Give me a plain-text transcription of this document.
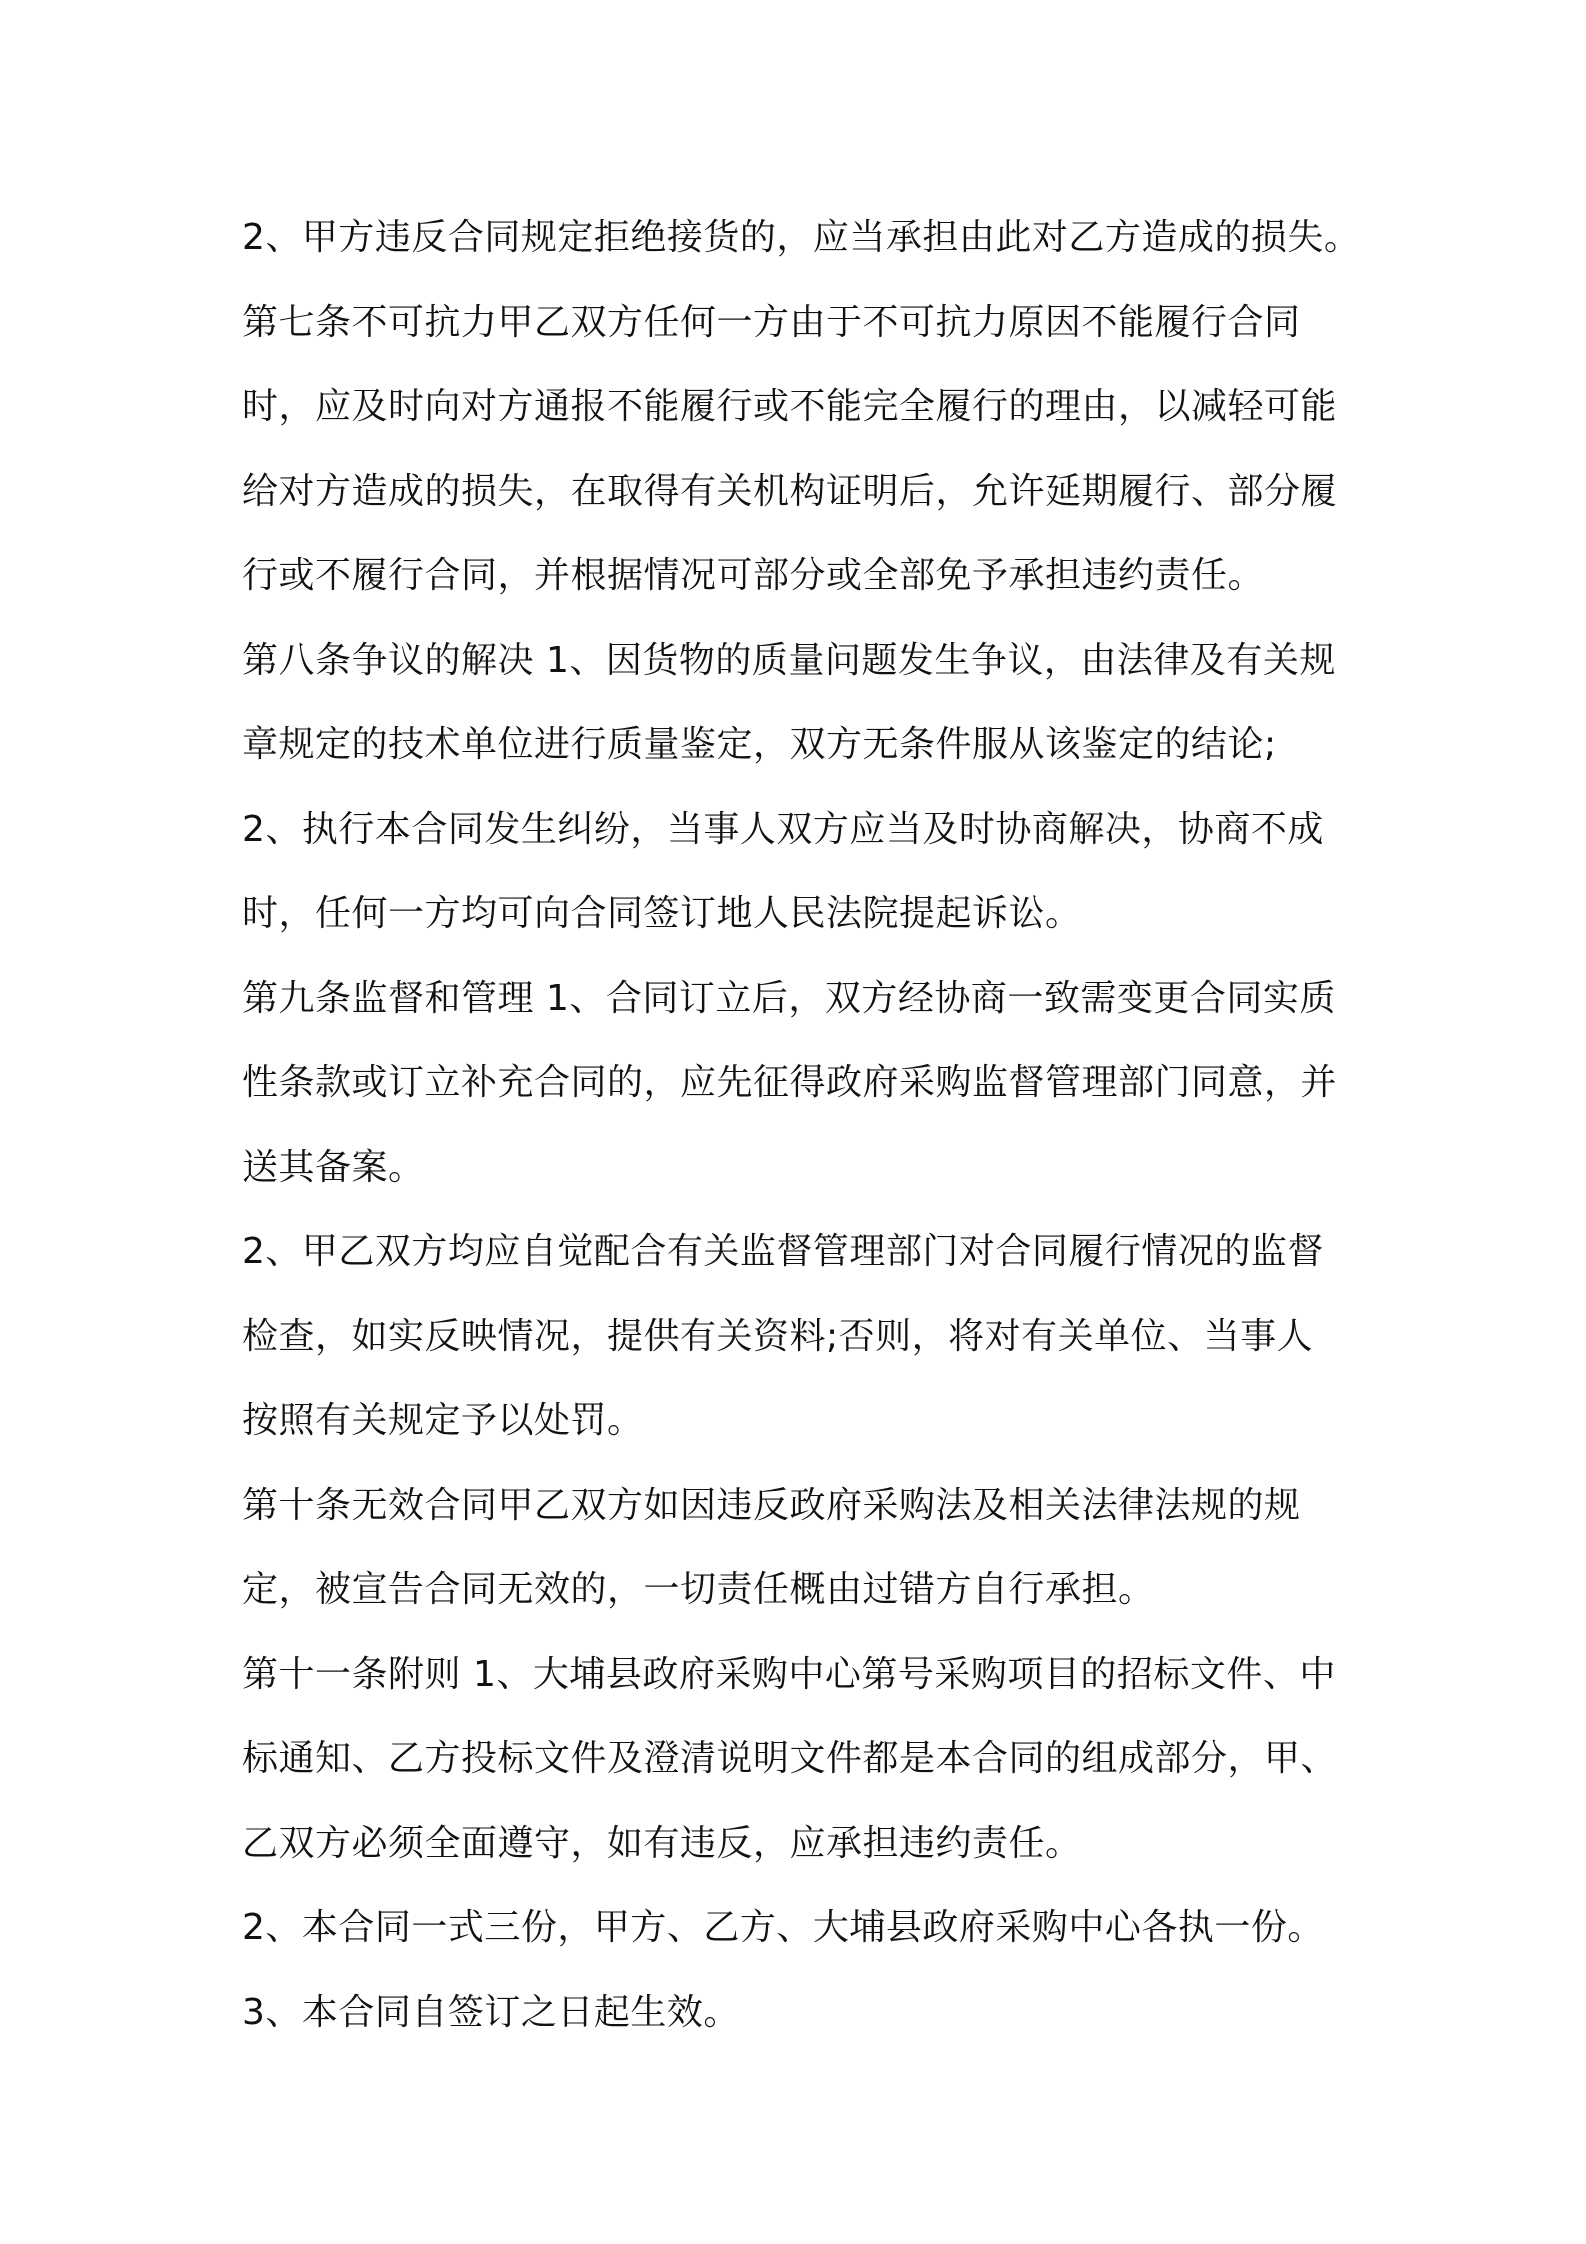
2、甲方违反合同规定拒绝接货的，应当承担由此对乙方造成的损失。
第七条不可抗力甲乙双方任何一方由于不可抗力原因不能履行合同
时，应及时向对方通报不能履行或不能完全履行的理由，以减轻可能
给对方造成的损失，在取得有关机构证明后，允许延期履行、部分履
行或不履行合同，并根据情况可部分或全部免予承担违约责任。
第八条争议的解决 1、因货物的质量问题发生争议，由法律及有关规
章规定的技术单位进行质量鉴定，双方无条件服从该鉴定的结论;
2、执行本合同发生纠纷，当事人双方应当及时协商解决，协商不成
时，任何一方均可向合同签订地人民法院提起诉讼。
第九条监督和管理 1、合同订立后，双方经协商一致需变更合同实质
性条款或订立补充合同的，应先征得政府采购监督管理部门同意，并
送其备案。
2、甲乙双方均应自觉配合有关监督管理部门对合同履行情况的监督
检查，如实反映情况，提供有关资料;否则，将对有关单位、当事人
按照有关规定予以处罚。
第十条无效合同甲乙双方如因违反政府采购法及相关法律法规的规
定，被宣告合同无效的，一切责任概由过错方自行承担。
第十一条附则 1、大埔县政府采购中心第号采购项目的招标文件、中
标通知、乙方投标文件及澄清说明文件都是本合同的组成部分，甲、
乙双方必须全面遵守，如有违反，应承担违约责任。
2、本合同一式三份，甲方、乙方、大埔县政府采购中心各执一份。
3、本合同自签订之日起生效。
